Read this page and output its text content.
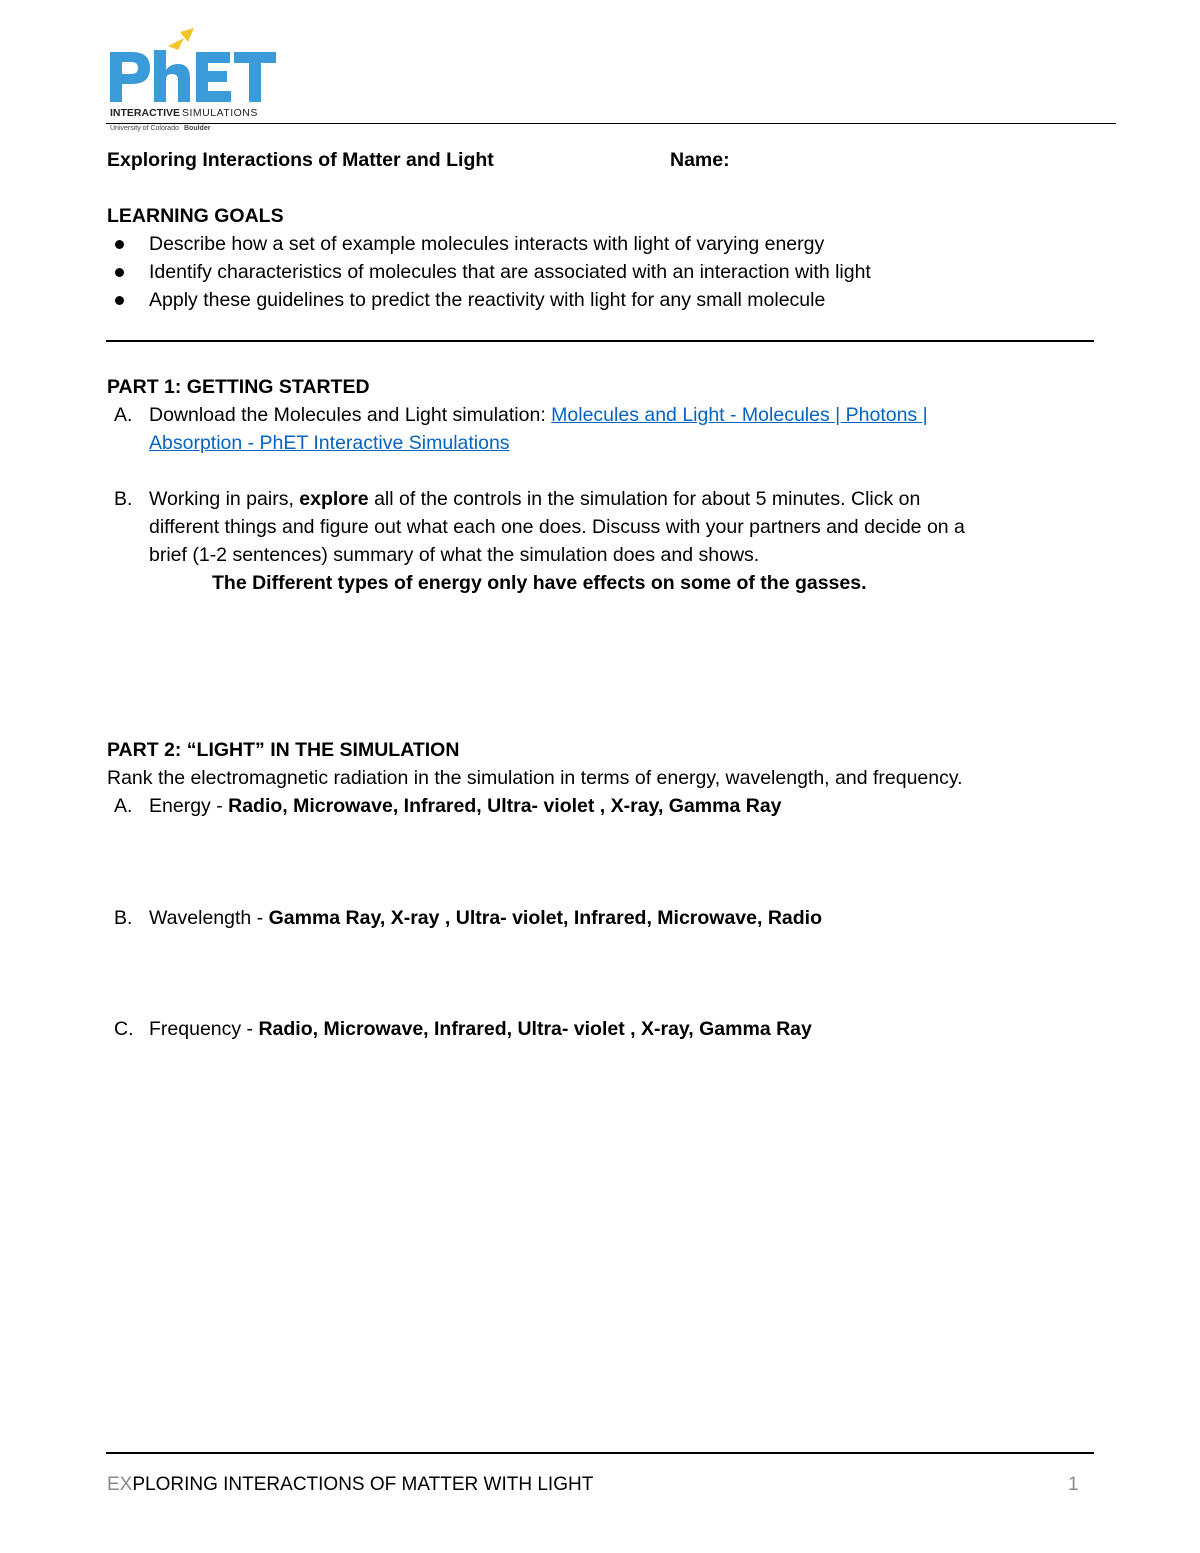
INTERACTIVE SIMULATIONS
University of Colorado Boulder
Exploring Interactions of Matter and Light	Name:
LEARNING GOALS
Describe how a set of example molecules interacts with light of varying energy
Identify characteristics of molecules that are associated with an interaction with light
Apply these guidelines to predict the reactivity with light for any small molecule
PART 1: GETTING STARTED
A. Download the Molecules and Light simulation: Molecules and Light - Molecules | Photons |
Absorption - PhET Interactive Simulations
B. Working in pairs, explore all of the controls in the simulation for about 5 minutes. Click on
different things and figure out what each one does. Discuss with your partners and decide on a
brief (1-2 sentences) summary of what the simulation does and shows.
The Different types of energy only have effects on some of the gasses.
PART 2: “LIGHT” IN THE SIMULATION
Rank the electromagnetic radiation in the simulation in terms of energy, wavelength, and frequency.
A. Energy - Radio, Microwave, Infrared, Ultra- violet , X-ray, Gamma Ray
B. Wavelength - Gamma Ray, X-ray , Ultra- violet, Infrared, Microwave, Radio
C. Frequency - Radio, Microwave, Infrared, Ultra- violet , X-ray, Gamma Ray
EXPLORING INTERACTIONS OF MATTER WITH LIGHT	1
